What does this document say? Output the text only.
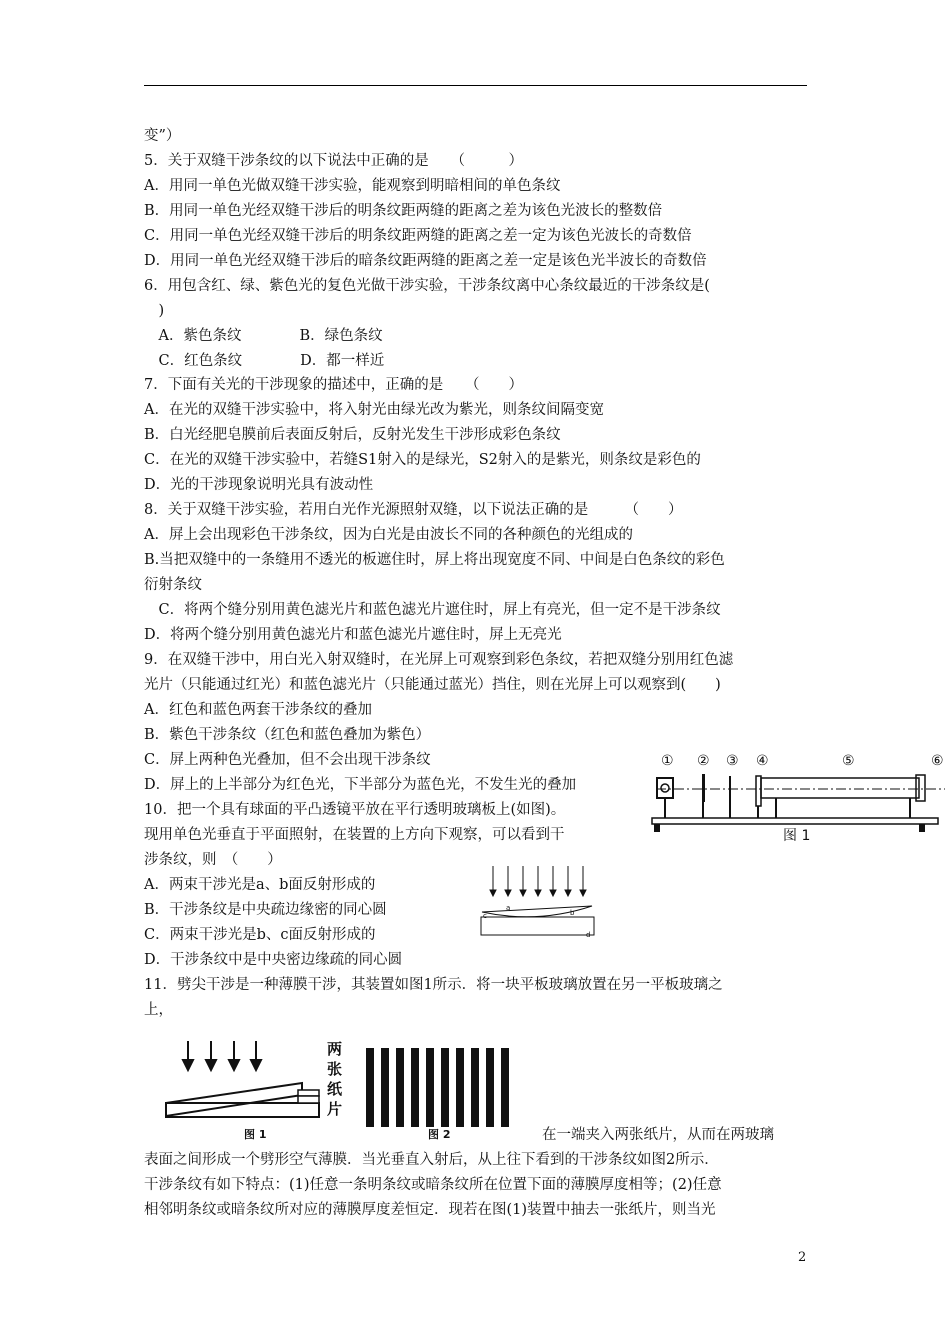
变”）
5．关于双缝干涉条纹的以下说法中正确的是　　（　　　）
A．用同一单色光做双缝干涉实验，能观察到明暗相间的单色条纹
B．用同一单色光经双缝干涉后的明条纹距两缝的距离之差为该色光波长的整数倍
C．用同一单色光经双缝干涉后的明条纹距两缝的距离之差一定为该色光波长的奇数倍
D．用同一单色光经双缝干涉后的暗条纹距两缝的距离之差一定是该色光半波长的奇数倍
6．用包含红、绿、紫色光的复色光做干涉实验，干涉条纹离中心条纹最近的干涉条纹是(
　)
　A．紫色条纹　　　　B．绿色条纹
　C．红色条纹　　　　D．都一样近
7．下面有关光的干涉现象的描述中，正确的是　　（　　）
A．在光的双缝干涉实验中，将入射光由绿光改为紫光，则条纹间隔变宽
B．白光经肥皂膜前后表面反射后，反射光发生干涉形成彩色条纹
C．在光的双缝干涉实验中，若缝S1射入的是绿光，S2射入的是紫光，则条纹是彩色的
D．光的干涉现象说明光具有波动性
8．关于双缝干涉实验，若用白光作光源照射双缝，以下说法正确的是　　　（　　）
A．屏上会出现彩色干涉条纹，因为白光是由波长不同的各种颜色的光组成的
B.当把双缝中的一条缝用不透光的板遮住时，屏上将出现宽度不同、中间是白色条纹的彩色
衍射条纹
　C．将两个缝分别用黄色滤光片和蓝色滤光片遮住时，屏上有亮光，但一定不是干涉条纹
D．将两个缝分别用黄色滤光片和蓝色滤光片遮住时，屏上无亮光
9．在双缝干涉中，用白光入射双缝时，在光屏上可观察到彩色条纹，若把双缝分别用红色滤
光片（只能通过红光）和蓝色滤光片（只能通过蓝光）挡住，则在光屏上可以观察到(　　)
A．红色和蓝色两套干涉条纹的叠加
B．紫色干涉条纹（红色和蓝色叠加为紫色）
C．屏上两种色光叠加，但不会出现干涉条纹
D．屏上的上半部分为红色光，下半部分为蓝色光，不发生光的叠加
10．把一个具有球面的平凸透镜平放在平行透明玻璃板上(如图)。
现用单色光垂直于平面照射，在装置的上方向下观察，可以看到干
涉条纹，则　（　　）
A．两束干涉光是a、b面反射形成的
B．干涉条纹是中央疏边缘密的同心圆
C．两束干涉光是b、c面反射形成的
D．干涉条纹中是中央密边缘疏的同心圆
11．劈尖干涉是一种薄膜干涉，其装置如图1所示．将一块平板玻璃放置在另一平板玻璃之
上，
在一端夹入两张纸片，从而在两玻璃
表面之间形成一个劈形空气薄膜．当光垂直入射后，从上往下看到的干涉条纹如图2所示．
干涉条纹有如下特点：(1)任意一条明条纹或暗条纹所在位置下面的薄膜厚度相等；(2)任意
相邻明条纹或暗条纹所对应的薄膜厚度差恒定．现若在图(1)装置中抽去一张纸片，则当光
① ② ③ ④	⑤	⑥
图 1
a
b
c
d
两
张
纸
片
图 1	图 2
2
